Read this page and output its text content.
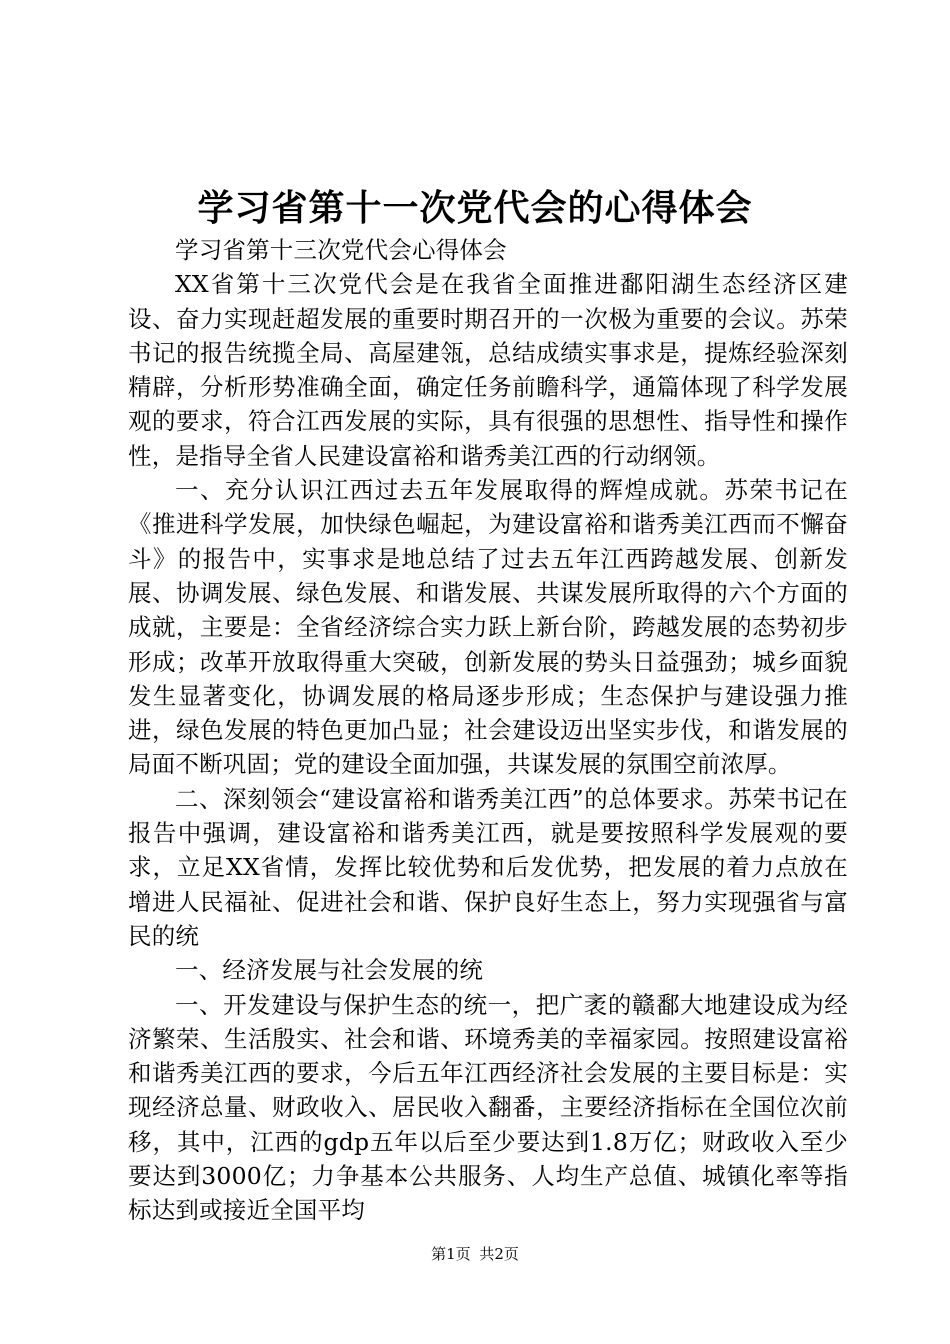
学习省第十一次党代会的心得体会

学习省第十三次党代会心得体会

XX省第十三次党代会是在我省全面推进鄱阳湖生态经济区建设、奋力实现赶超发展的重要时期召开的一次极为重要的会议。苏荣书记的报告统揽全局、高屋建瓴，总结成绩实事求是，提炼经验深刻精辟，分析形势准确全面，确定任务前瞻科学，通篇体现了科学发展观的要求，符合江西发展的实际，具有很强的思想性、指导性和操作性，是指导全省人民建设富裕和谐秀美江西的行动纲领。

一、充分认识江西过去五年发展取得的辉煌成就。苏荣书记在《推进科学发展，加快绿色崛起，为建设富裕和谐秀美江西而不懈奋斗》的报告中，实事求是地总结了过去五年江西跨越发展、创新发展、协调发展、绿色发展、和谐发展、共谋发展所取得的六个方面的成就，主要是：全省经济综合实力跃上新台阶，跨越发展的态势初步形成；改革开放取得重大突破，创新发展的势头日益强劲；城乡面貌发生显著变化，协调发展的格局逐步形成；生态保护与建设强力推进，绿色发展的特色更加凸显；社会建设迈出坚实步伐，和谐发展的局面不断巩固；党的建设全面加强，共谋发展的氛围空前浓厚。

二、深刻领会“建设富裕和谐秀美江西”的总体要求。苏荣书记在报告中强调，建设富裕和谐秀美江西，就是要按照科学发展观的要求，立足XX省情，发挥比较优势和后发优势，把发展的着力点放在增进人民福祉、促进社会和谐、保护良好生态上，努力实现强省与富民的统

一、经济发展与社会发展的统

一、开发建设与保护生态的统一，把广袤的赣鄱大地建设成为经济繁荣、生活殷实、社会和谐、环境秀美的幸福家园。按照建设富裕和谐秀美江西的要求，今后五年江西经济社会发展的主要目标是：实现经济总量、财政收入、居民收入翻番，主要经济指标在全国位次前移，其中，江西的gdp五年以后至少要达到1.8万亿；财政收入至少要达到3000亿；力争基本公共服务、人均生产总值、城镇化率等指标达到或接近全国平均

第1页 共2页
